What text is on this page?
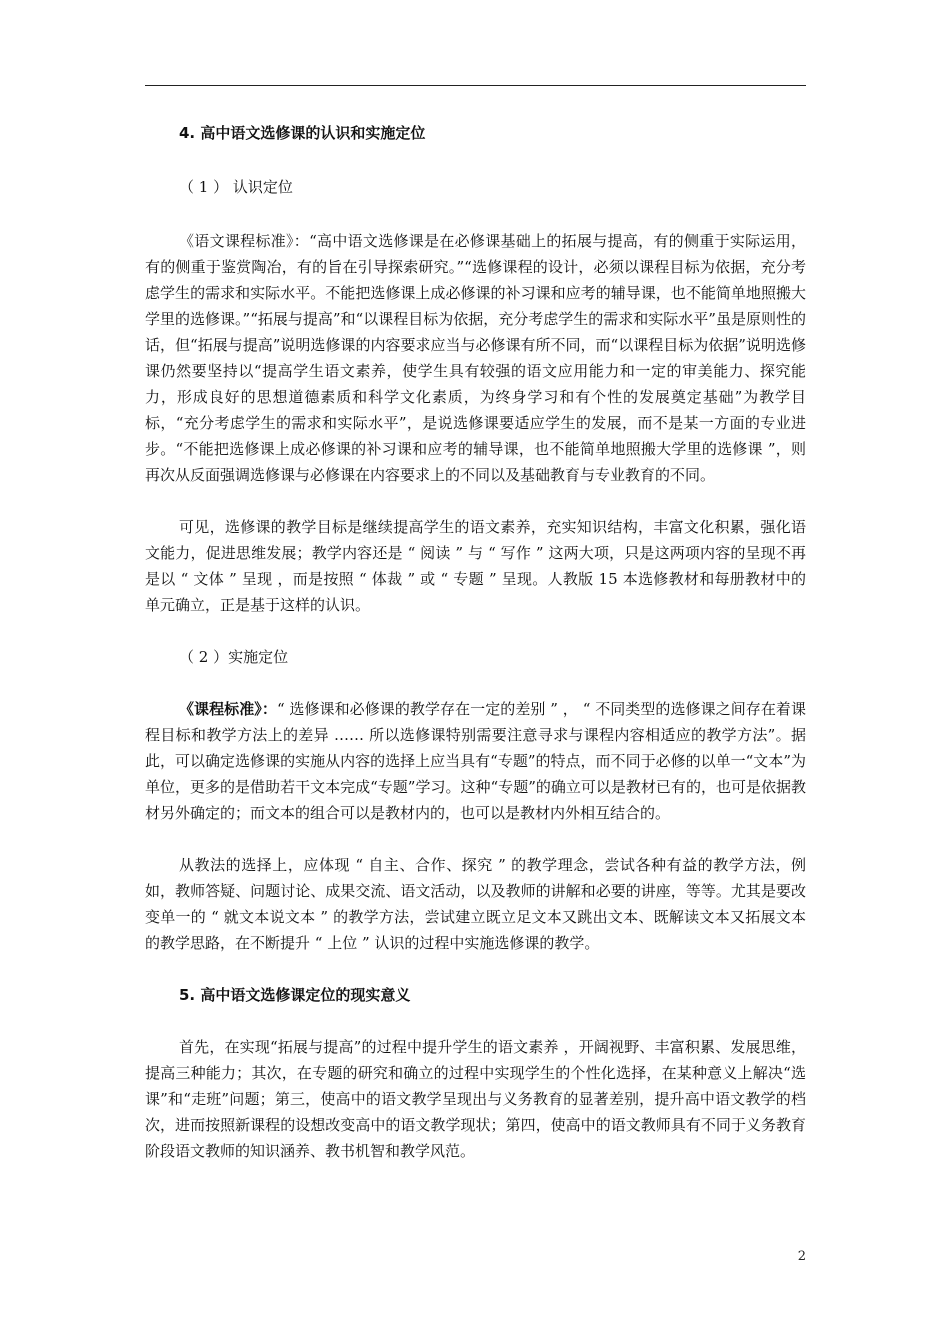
4. 高中语文选修课的认识和实施定位

（ 1 ） 认识定位

《语文课程标准》：“高中语文选修课是在必修课基础上的拓展与提高，有的侧重于实际运用，有的侧重于鉴赏陶冶，有的旨在引导探索研究。”“选修课程的设计，必须以课程目标为依据，充分考虑学生的需求和实际水平。不能把选修课上成必修课的补习课和应考的辅导课，也不能简单地照搬大学里的选修课。”“拓展与提高”和“以课程目标为依据，充分考虑学生的需求和实际水平”虽是原则性的话，但“拓展与提高”说明选修课的内容要求应当与必修课有所不同，而“以课程目标为依据”说明选修课仍然要坚持以“提高学生语文素养，使学生具有较强的语文应用能力和一定的审美能力、探究能力，形成良好的思想道德素质和科学文化素质，为终身学习和有个性的发展奠定基础”为教学目标，“充分考虑学生的需求和实际水平”，是说选修课要适应学生的发展，而不是某一方面的专业进步。“不能把选修课上成必修课的补习课和应考的辅导课，也不能简单地照搬大学里的选修课 ”，则再次从反面强调选修课与必修课在内容要求上的不同以及基础教育与专业教育的不同。

可见，选修课的教学目标是继续提高学生的语文素养，充实知识结构，丰富文化积累，强化语文能力，促进思维发展；教学内容还是 “ 阅读 ” 与 “ 写作 ” 这两大项，只是这两项内容的呈现不再是以 “ 文体 ” 呈现 ，而是按照 “ 体裁 ” 或 “ 专题 ” 呈现。人教版 15 本选修教材和每册教材中的单元确立，正是基于这样的认识。

（ 2 ）实施定位

《课程标准》：“ 选修课和必修课的教学存在一定的差别 ” ， “ 不同类型的选修课之间存在着课程目标和教学方法上的差异 …… 所以选修课特别需要注意寻求与课程内容相适应的教学方法”。据此，可以确定选修课的实施从内容的选择上应当具有“专题”的特点，而不同于必修的以单一“文本”为单位，更多的是借助若干文本完成“专题”学习。这种“专题”的确立可以是教材已有的，也可是依据教材另外确定的；而文本的组合可以是教材内的，也可以是教材内外相互结合的。

从教法的选择上，应体现 “ 自主、合作、探究 ” 的教学理念，尝试各种有益的教学方法，例如，教师答疑、问题讨论、成果交流、语文活动，以及教师的讲解和必要的讲座，等等。尤其是要改变单一的 “ 就文本说文本 ” 的教学方法，尝试建立既立足文本又跳出文本、既解读文本又拓展文本的教学思路，在不断提升 “ 上位 ” 认识的过程中实施选修课的教学。

5. 高中语文选修课定位的现实意义

首先，在实现“拓展与提高”的过程中提升学生的语文素养 ，开阔视野、丰富积累、发展思维，提高三种能力；其次，在专题的研究和确立的过程中实现学生的个性化选择，在某种意义上解决“选课”和“走班”问题；第三，使高中的语文教学呈现出与义务教育的显著差别，提升高中语文教学的档次，进而按照新课程的设想改变高中的语文教学现状；第四，使高中的语文教师具有不同于义务教育阶段语文教师的知识涵养、教书机智和教学风范。

2
